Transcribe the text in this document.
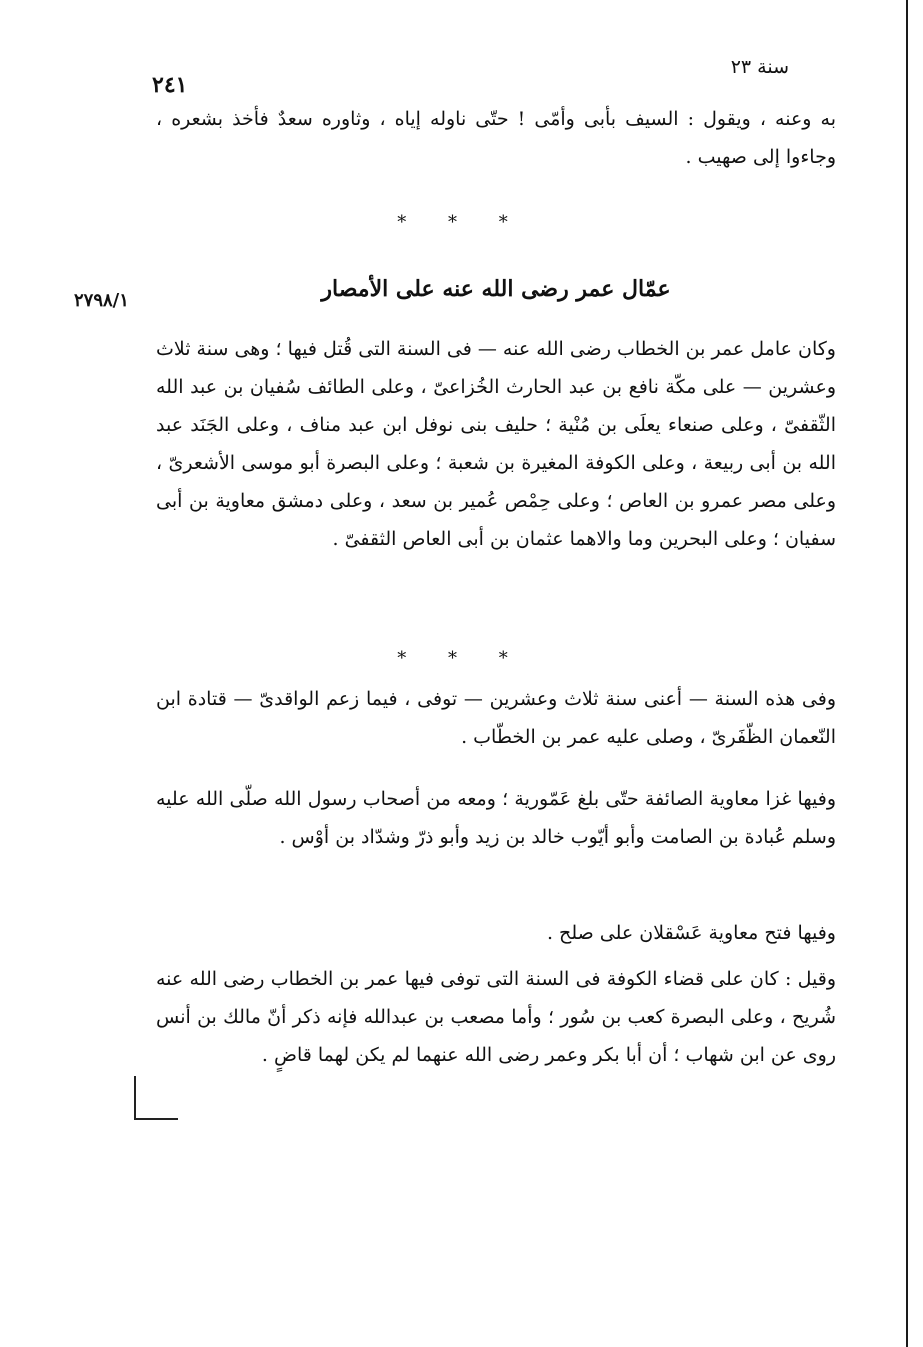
سنة ٢٣
٢٤١
به وعنه ، ويقول : السيف بأبى وأمّى ! حتّى ناوله إياه ، وثاوره سعدٌ فأخذ بشعره ، وجاءوا إلى صهيب .
* * *
عمّال عمر رضى الله عنه على الأمصار
٢٧٩٨/١
وكان عامل عمر بن الخطاب رضى الله عنه — فى السنة التى قُتل فيها ؛ وهى سنة ثلاث وعشرين — على مكّة نافع بن عبد الحارث الخُزاعىّ ، وعلى الطائف سُفيان بن عبد الله الثّقفىّ ، وعلى صنعاء يعلَى بن مُنْية ؛ حليف بنى نوفل ابن عبد مناف ، وعلى الجَنَد عبد الله بن أبى ربيعة ، وعلى الكوفة المغيرة بن شعبة ؛ وعلى البصرة أبو موسى الأشعرىّ ، وعلى مصر عمرو بن العاص ؛ وعلى حِمْص عُمير بن سعد ، وعلى دمشق معاوية بن أبى سفيان ؛ وعلى البحرين وما والاهما عثمان بن أبى العاص الثقفىّ .
* * *
وفى هذه السنة — أعنى سنة ثلاث وعشرين — توفى ، فيما زعم الواقدىّ — قتادة ابن النّعمان الظّفَرىّ ، وصلى عليه عمر بن الخطّاب .
وفيها غزا معاوية الصائفة حتّى بلغ عَمّورية ؛ ومعه من أصحاب رسول الله صلّى الله عليه وسلم عُبادة بن الصامت وأبو أيّوب خالد بن زيد وأبو ذرّ وشدّاد بن أوْس .
وفيها فتح معاوية عَسْقلان على صلح .
وقيل : كان على قضاء الكوفة فى السنة التى توفى فيها عمر بن الخطاب رضى الله عنه شُريح ، وعلى البصرة كعب بن سُور ؛ وأما مصعب بن عبدالله فإنه ذكر أنّ مالك بن أنس روى عن ابن شهاب ؛ أن أبا بكر وعمر رضى الله عنهما لم يكن لهما قاضٍ .
